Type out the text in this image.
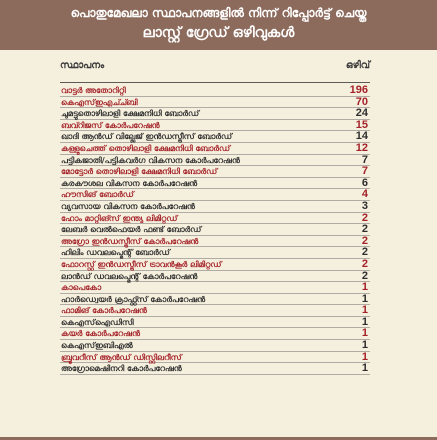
പൊതുമേഖലാ സ്ഥാപനങ്ങളിൽ നിന്ന് റിപ്പോർട്ട് ചെയ്ത
ലാസ്റ്റ് ഗ്രേഡ് ഒഴിവുകൾ
സ്ഥാപനം	ഒഴിവ്
വാട്ടർ അതോറിറ്റി	196
കെഎസ്ഇഎച്ച്ബി	70
ചുമട്ടുതൊഴിലാളി ക്ഷേമനിധി ബോർഡ്	24
ബവ്റിജസ് കോർപറേഷൻ	15
ഖാദി ആൻഡ് വില്ലേജ് ഇൻഡസ്ട്രീസ് ബോർഡ്	14
കള്ളുചെത്ത് തൊഴിലാളി ക്ഷേമനിധി ബോർഡ്	12
പട്ടികജാതി/പട്ടികവർഗ വികസന കോർപറേഷൻ	7
മോട്ടോർ തൊഴിലാളി ക്ഷേമനിധി ബോർഡ്	7
കരകൗശല വികസന കോർപറേഷൻ	6
ഹൗസിങ് ബോർഡ്	4
വ്യവസായ വികസന കോർപറേഷൻ	3
ഹോം മാറ്റിങ്സ് ഇന്ത്യ ലിമിറ്റഡ്	2
ലേബർ വെൽഫെയർ ഫണ്ട് ബോർഡ്	2
അഗ്രോ ഇൻഡസ്ട്രീസ് കോർപറേഷൻ	2
ഹിലിം ഡവലപ്മെന്റ് ബോർഡ്	2
ഫോറസ്റ്റ് ഇൻഡസ്ട്രീസ് ട്രാവൻകൂർ ലിമിറ്റഡ്	2
ലാൻഡ് ഡവലപ്മെന്റ് കോർപറേഷൻ	2
കാപെകോ	1
ഹാർഡ്വെയർ ക്രാഫ്റ്റ്സ് കോർപറേഷൻ	1
ഫാമിങ് കോർപറേഷൻ	1
കെഎസ്ഐഡിസി	1
കയർ കോർപറേഷൻ	1
കെഎസ്ഇബിഎൽ	1
ബ്രൂവറീസ് ആൻഡ് ഡിസ്റ്റിലറീസ്	1
അഗ്രോമെഷിനറി കോർപറേഷൻ	1
